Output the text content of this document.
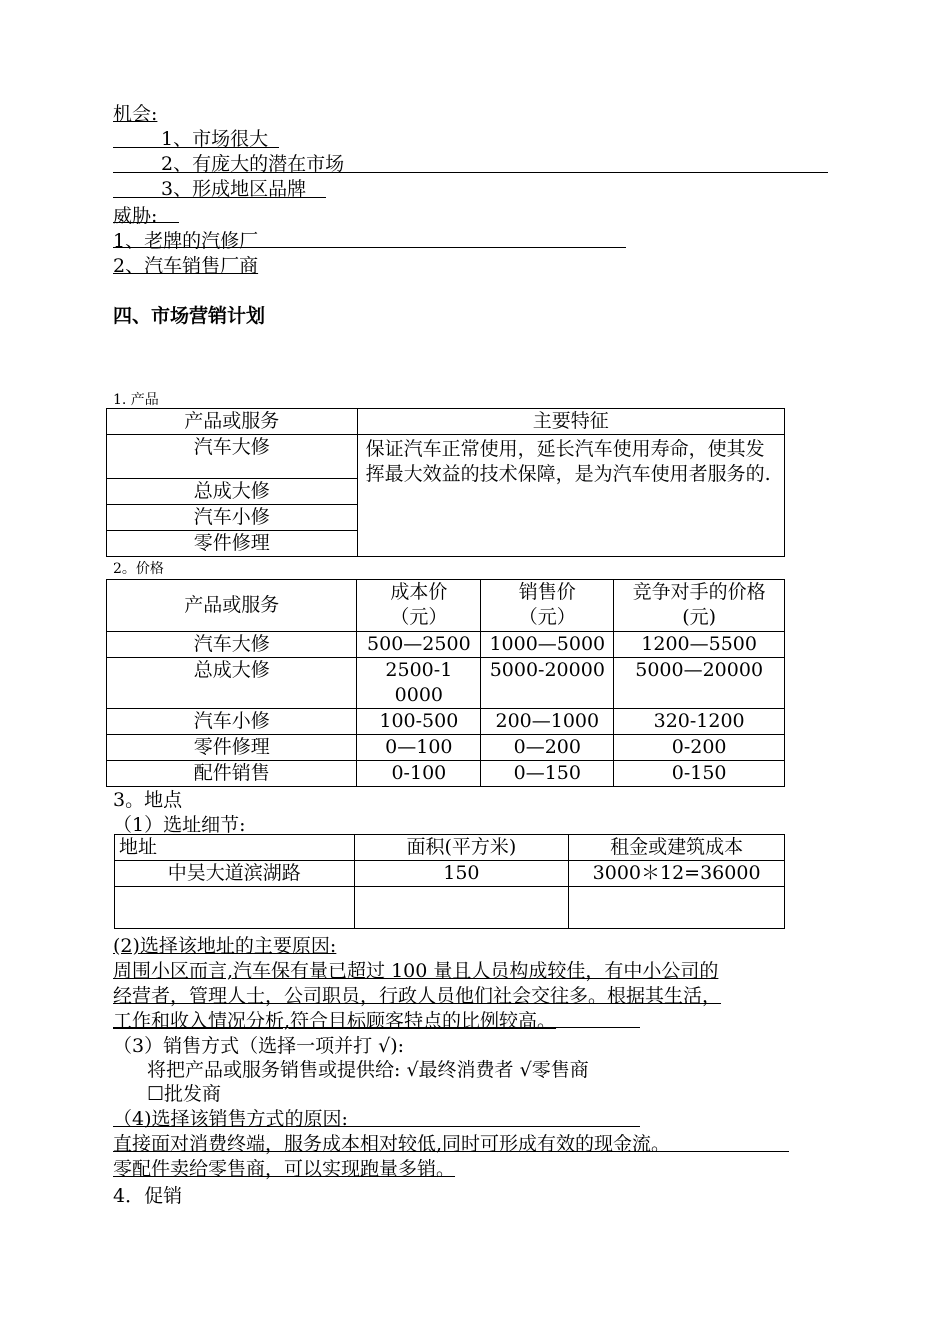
机会:
1、市场很大
2、有庞大的潜在市场
3、形成地区品牌
威胁:
1、老牌的汽修厂
2、汽车销售厂商
四、市场营销计划
1. 产品
产品或服务	主要特征
汽车大修	保证汽车正常使用，延长汽车使用寿命，使其发挥最大效益的技术保障，是为汽车使用者服务的.
总成大修	
汽车小修	
零件修理	
2。价格
产品或服务	成本价（元）	销售价（元）	竞争对手的价格(元)
汽车大修	500—2500	1000—5000	1200—5500
总成大修	2500-10000	5000-20000	5000—20000
汽车小修	100-500	200—1000	320-1200
零件修理	0—100	0—200	0-200
配件销售	0-100	0—150	0-150
3。地点
（1）选址细节:
地址	面积(平方米)	租金或建筑成本
中吴大道滨湖路	150	3000＊12=36000

(2)选择该地址的主要原因:
周围小区而言,汽车保有量已超过 100 量且人员构成较佳，有中小公司的
经营者，管理人士，公司职员，行政人员他们社会交往多。根据其生活，
工作和收入情况分析,符合目标顾客特点的比例较高。
（3）销售方式（选择一项并打 √):
将把产品或服务销售或提供给: √最终消费者 √零售商
☐批发商
（4)选择该销售方式的原因:
直接面对消费终端，服务成本相对较低,同时可形成有效的现金流。
零配件卖给零售商，可以实现跑量多销。
4．促销
